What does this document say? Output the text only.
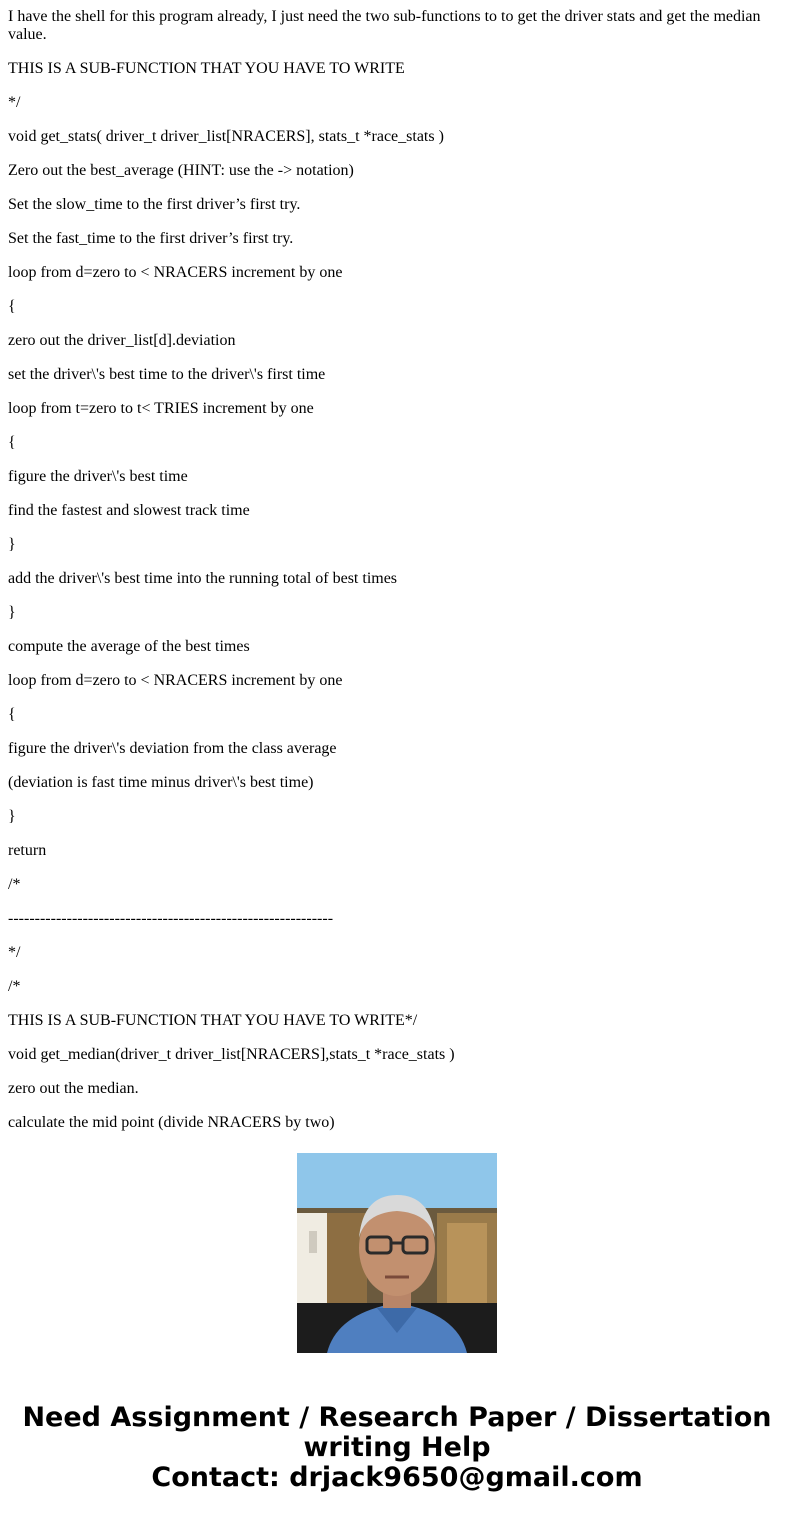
I have the shell for this program already, I just need the two sub-functions to to get the driver stats and get the median value.

THIS IS A SUB-FUNCTION THAT YOU HAVE TO WRITE

*/

void get_stats( driver_t driver_list[NRACERS], stats_t *race_stats )

Zero out the best_average (HINT: use the -> notation)

Set the slow_time to the first driver’s first try.

Set the fast_time to the first driver’s first try.

loop from d=zero to < NRACERS increment by one

{

zero out the driver_list[d].deviation

set the driver\'s best time to the driver\'s first time

loop from t=zero to t< TRIES increment by one

{

figure the driver\'s best time

find the fastest and slowest track time

}

add the driver\'s best time into the running total of best times

}

compute the average of the best times

loop from d=zero to < NRACERS increment by one

{

figure the driver\'s deviation from the class average

(deviation is fast time minus driver\'s best time)

}

return

/*

-------------------------------------------------------------

*/

/*

THIS IS A SUB-FUNCTION THAT YOU HAVE TO WRITE*/

void get_median(driver_t driver_list[NRACERS],stats_t *race_stats )

zero out the median.

calculate the mid point (divide NRACERS by two)

Need Assignment / Research Paper / Dissertation
writing Help
Contact: drjack9650@gmail.com
